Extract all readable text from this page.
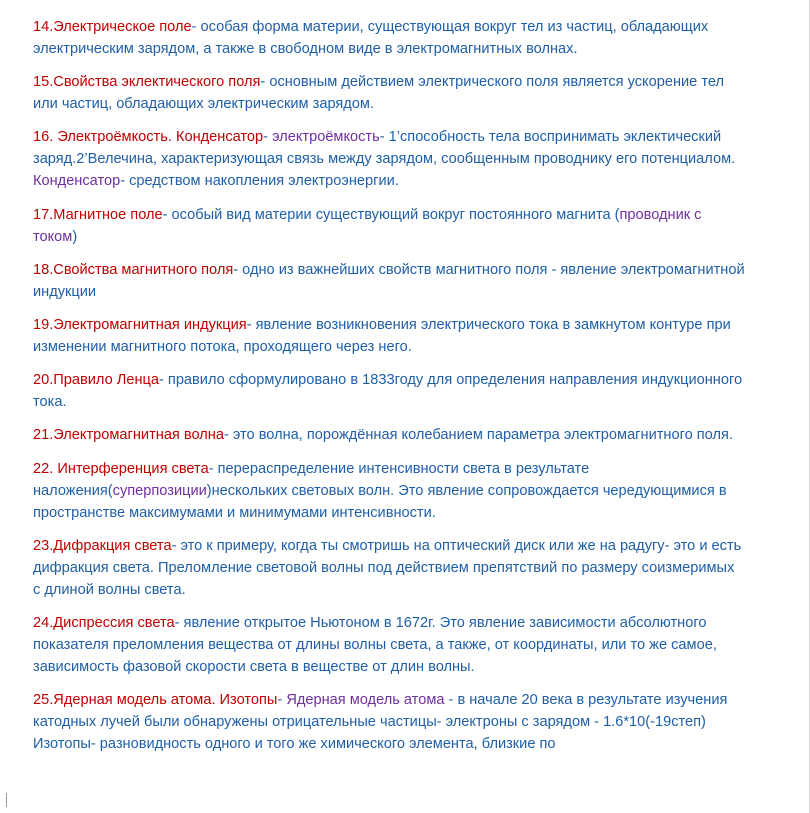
14.Электрическое поле- особая форма материи, существующая вокруг тел из частиц, обладающих электрическим зарядом, а также в свободном виде в электромагнитных волнах.

15.Свойства эклектического поля- основным действием электрического поля является ускорение тел или частиц, обладающих электрическим зарядом.

16. Электроёмкость. Конденсатор- электроёмкость- 1’способность тела воспринимать эклектический заряд.2’Велечина, характеризующая связь между зарядом, сообщенным проводнику его потенциалом. Конденсатор- средством накопления электроэнергии.

17.Магнитное поле- особый вид материи существующий вокруг постоянного магнита (проводник с током)

18.Свойства магнитного поля- одно из важнейших свойств магнитного поля - явление электромагнитной индукции

19.Электромагнитная индукция- явление возникновения электрического тока в замкнутом контуре при изменении магнитного потока, проходящего через него.

20.Правило Ленца- правило сформулировано в 1833году для определения направления индукционного тока.

21.Электромагнитная волна- это волна, порождённая колебанием параметра электромагнитного поля.

22. Интерференция света- перераспределение интенсивности света в результате наложения(суперпозиции)нескольких световых волн. Это явление сопровождается чередующимися в пространстве максимумами и минимумами интенсивности.

23.Дифракция света- это к примеру, когда ты смотришь на оптический диск или же на радугу- это и есть дифракция света. Преломление световой волны под действием препятствий по размеру соизмеримых с длиной волны света.

24.Диспрессия света- явление открытое Ньютоном в 1672г. Это явление зависимости абсолютного показателя преломления вещества от длины волны света, а также, от координаты, или то же самое, зависимость фазовой скорости света в веществе от длин волны.

25.Ядерная модель атома. Изотопы- Ядерная модель атома - в начале 20 века в результате изучения катодных лучей были обнаружены отрицательные частицы- электроны с зарядом - 1.6*10(-19степ) Изотопы- разновидность одного и того же химического элемента, близкие по
